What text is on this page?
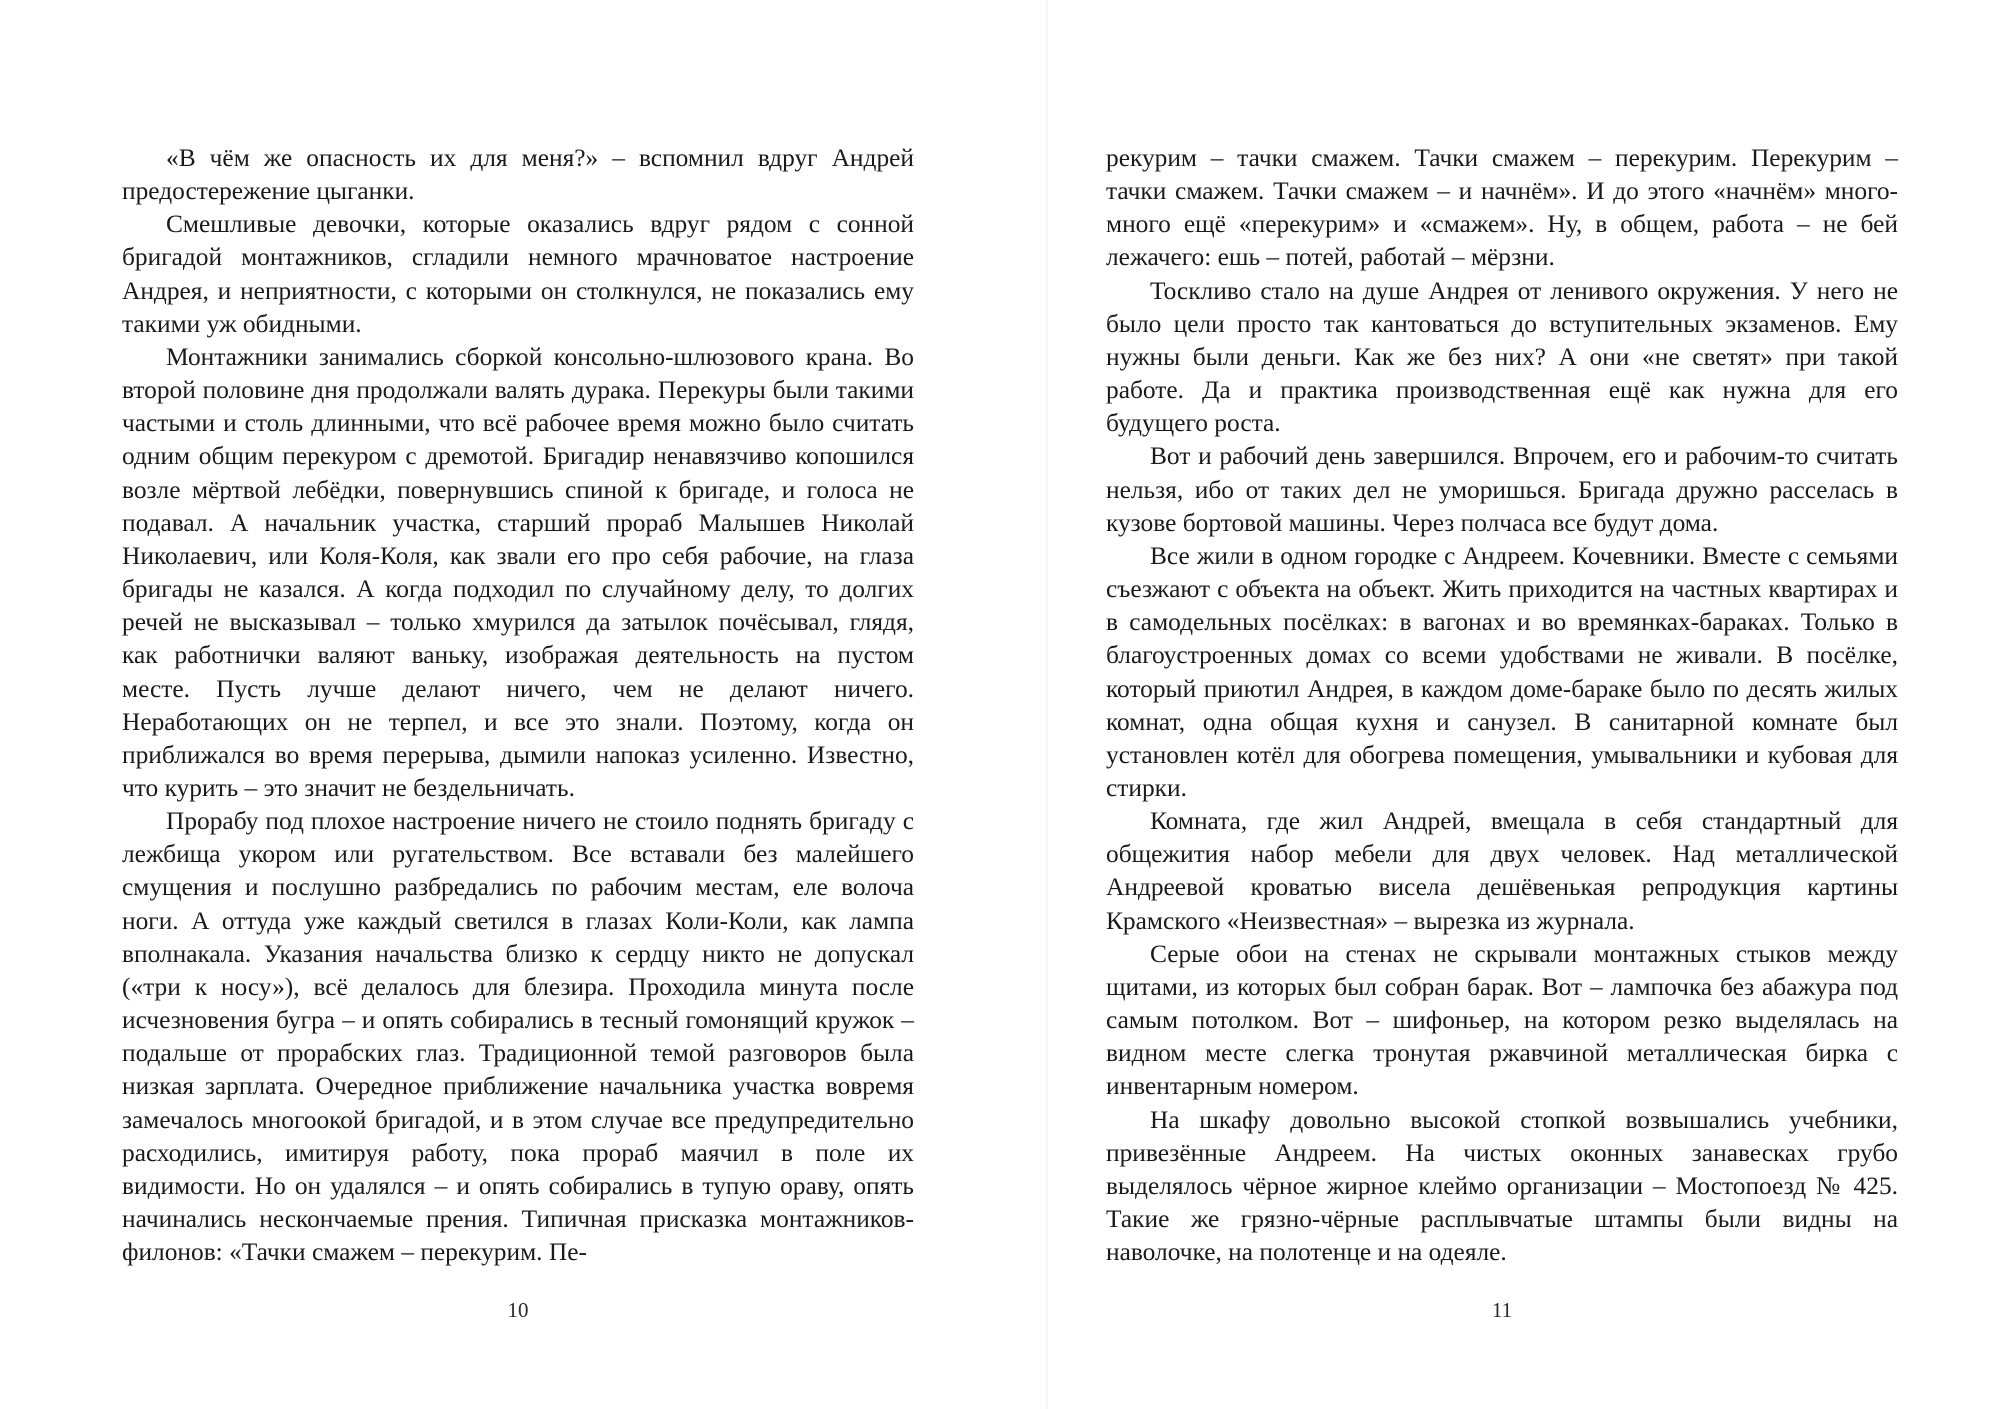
«В чём же опасность их для меня?» – вспомнил вдруг Андрей предостережение цыганки.

Смешливые девочки, которые оказались вдруг рядом с сонной бригадой монтажников, сгладили немного мрачноватое настроение Андрея, и неприятности, с которыми он столкнулся, не показались ему такими уж обидными.

Монтажники занимались сборкой консольно-шлюзового крана. Во второй половине дня продолжали валять дурака. Перекуры были такими частыми и столь длинными, что всё рабочее время можно было считать одним общим перекуром с дремотой. Бригадир ненавязчиво копошился возле мёртвой лебёдки, повернувшись спиной к бригаде, и голоса не подавал. А начальник участка, старший прораб Малышев Николай Николаевич, или Коля-Коля, как звали его про себя рабочие, на глаза бригады не казался. А когда подходил по случайному делу, то долгих речей не высказывал – только хмурился да затылок почёсывал, глядя, как работнички валяют ваньку, изображая деятельность на пустом месте. Пусть лучше делают ничего, чем не делают ничего. Неработающих он не терпел, и все это знали. Поэтому, когда он приближался во время перерыва, дымили напоказ усиленно. Известно, что курить – это значит не бездельничать.

Прорабу под плохое настроение ничего не стоило поднять бригаду с лежбища укором или ругательством. Все вставали без малейшего смущения и послушно разбредались по рабочим местам, еле волоча ноги. А оттуда уже каждый светился в глазах Коли-Коли, как лампа вполнакала. Указания начальства близко к сердцу никто не допускал («три к носу»), всё делалось для блезира. Проходила минута после исчезновения бугра – и опять собирались в тесный гомонящий кружок – подальше от прорабских глаз. Традиционной темой разговоров была низкая зарплата. Очередное приближение начальника участка вовремя замечалось многоокой бригадой, и в этом случае все предупредительно расходились, имитируя работу, пока прораб маячил в поле их видимости. Но он удалялся – и опять собирались в тупую ораву, опять начинались нескончаемые прения. Типичная присказка монтажников-филонов: «Тачки смажем – перекурим. Пе-

10

рекурим – тачки смажем. Тачки смажем – перекурим. Перекурим – тачки смажем. Тачки смажем – и начнём». И до этого «начнём» много-много ещё «перекурим» и «смажем». Ну, в общем, работа – не бей лежачего: ешь – потей, работай – мёрзни.

Тоскливо стало на душе Андрея от ленивого окружения. У него не было цели просто так кантоваться до вступительных экзаменов. Ему нужны были деньги. Как же без них? А они «не светят» при такой работе. Да и практика производственная ещё как нужна для его будущего роста.

Вот и рабочий день завершился. Впрочем, его и рабочим-то считать нельзя, ибо от таких дел не уморишься. Бригада дружно расселась в кузове бортовой машины. Через полчаса все будут дома.

Все жили в одном городке с Андреем. Кочевники. Вместе с семьями съезжают с объекта на объект. Жить приходится на частных квартирах и в самодельных посёлках: в вагонах и во времянках-бараках. Только в благоустроенных домах со всеми удобствами не живали. В посёлке, который приютил Андрея, в каждом доме-бараке было по десять жилых комнат, одна общая кухня и санузел. В санитарной комнате был установлен котёл для обогрева помещения, умывальники и кубовая для стирки.

Комната, где жил Андрей, вмещала в себя стандартный для общежития набор мебели для двух человек. Над металлической Андреевой кроватью висела дешёвенькая репродукция картины Крамского «Неизвестная» – вырезка из журнала.

Серые обои на стенах не скрывали монтажных стыков между щитами, из которых был собран барак. Вот – лампочка без абажура под самым потолком. Вот – шифоньер, на котором резко выделялась на видном месте слегка тронутая ржавчиной металлическая бирка с инвентарным номером.

На шкафу довольно высокой стопкой возвышались учебники, привезённые Андреем. На чистых оконных занавесках грубо выделялось чёрное жирное клеймо организации – Мостопоезд № 425. Такие же грязно-чёрные расплывчатые штампы были видны на наволочке, на полотенце и на одеяле.

11
